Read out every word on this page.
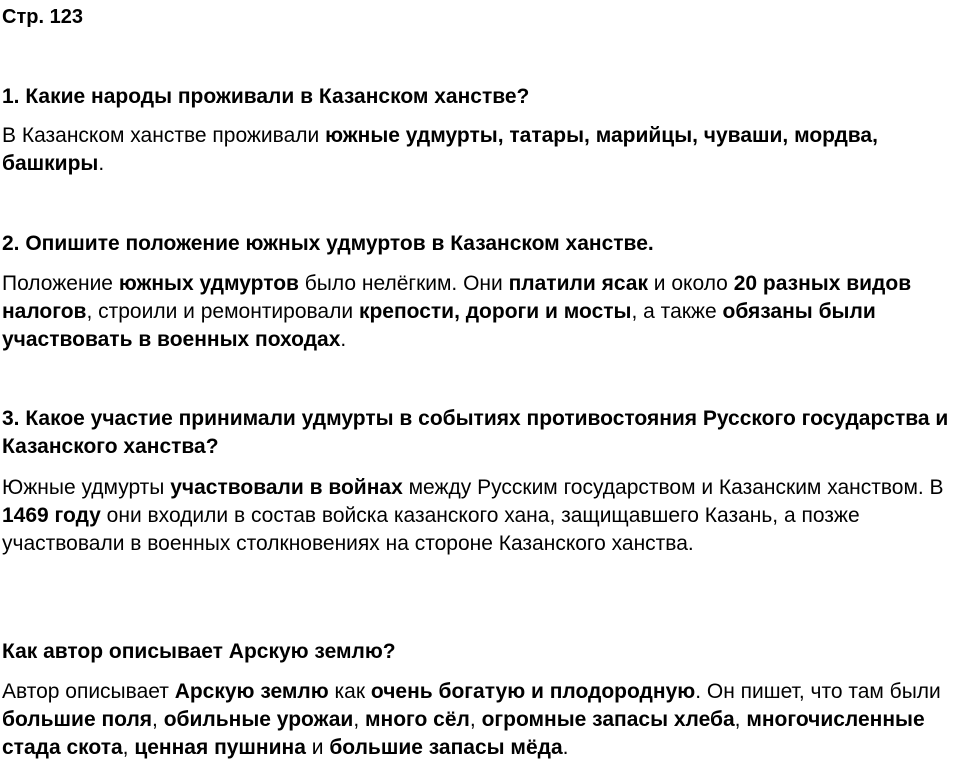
Стр. 123
1. Какие народы проживали в Казанском ханстве?
В Казанском ханстве проживали южные удмурты, татары, марийцы, чуваши, мордва, башкиры.
2. Опишите положение южных удмуртов в Казанском ханстве.
Положение южных удмуртов было нелёгким. Они платили ясак и около 20 разных видов налогов, строили и ремонтировали крепости, дороги и мосты, а также обязаны были участвовать в военных походах.
3. Какое участие принимали удмурты в событиях противостояния Русского государства и Казанского ханства?
Южные удмурты участвовали в войнах между Русским государством и Казанским ханством. В 1469 году они входили в состав войска казанского хана, защищавшего Казань, а позже участвовали в военных столкновениях на стороне Казанского ханства.
Как автор описывает Арскую землю?
Автор описывает Арскую землю как очень богатую и плодородную. Он пишет, что там были большие поля, обильные урожаи, много сёл, огромные запасы хлеба, многочисленные стада скота, ценная пушнина и большие запасы мёда.
